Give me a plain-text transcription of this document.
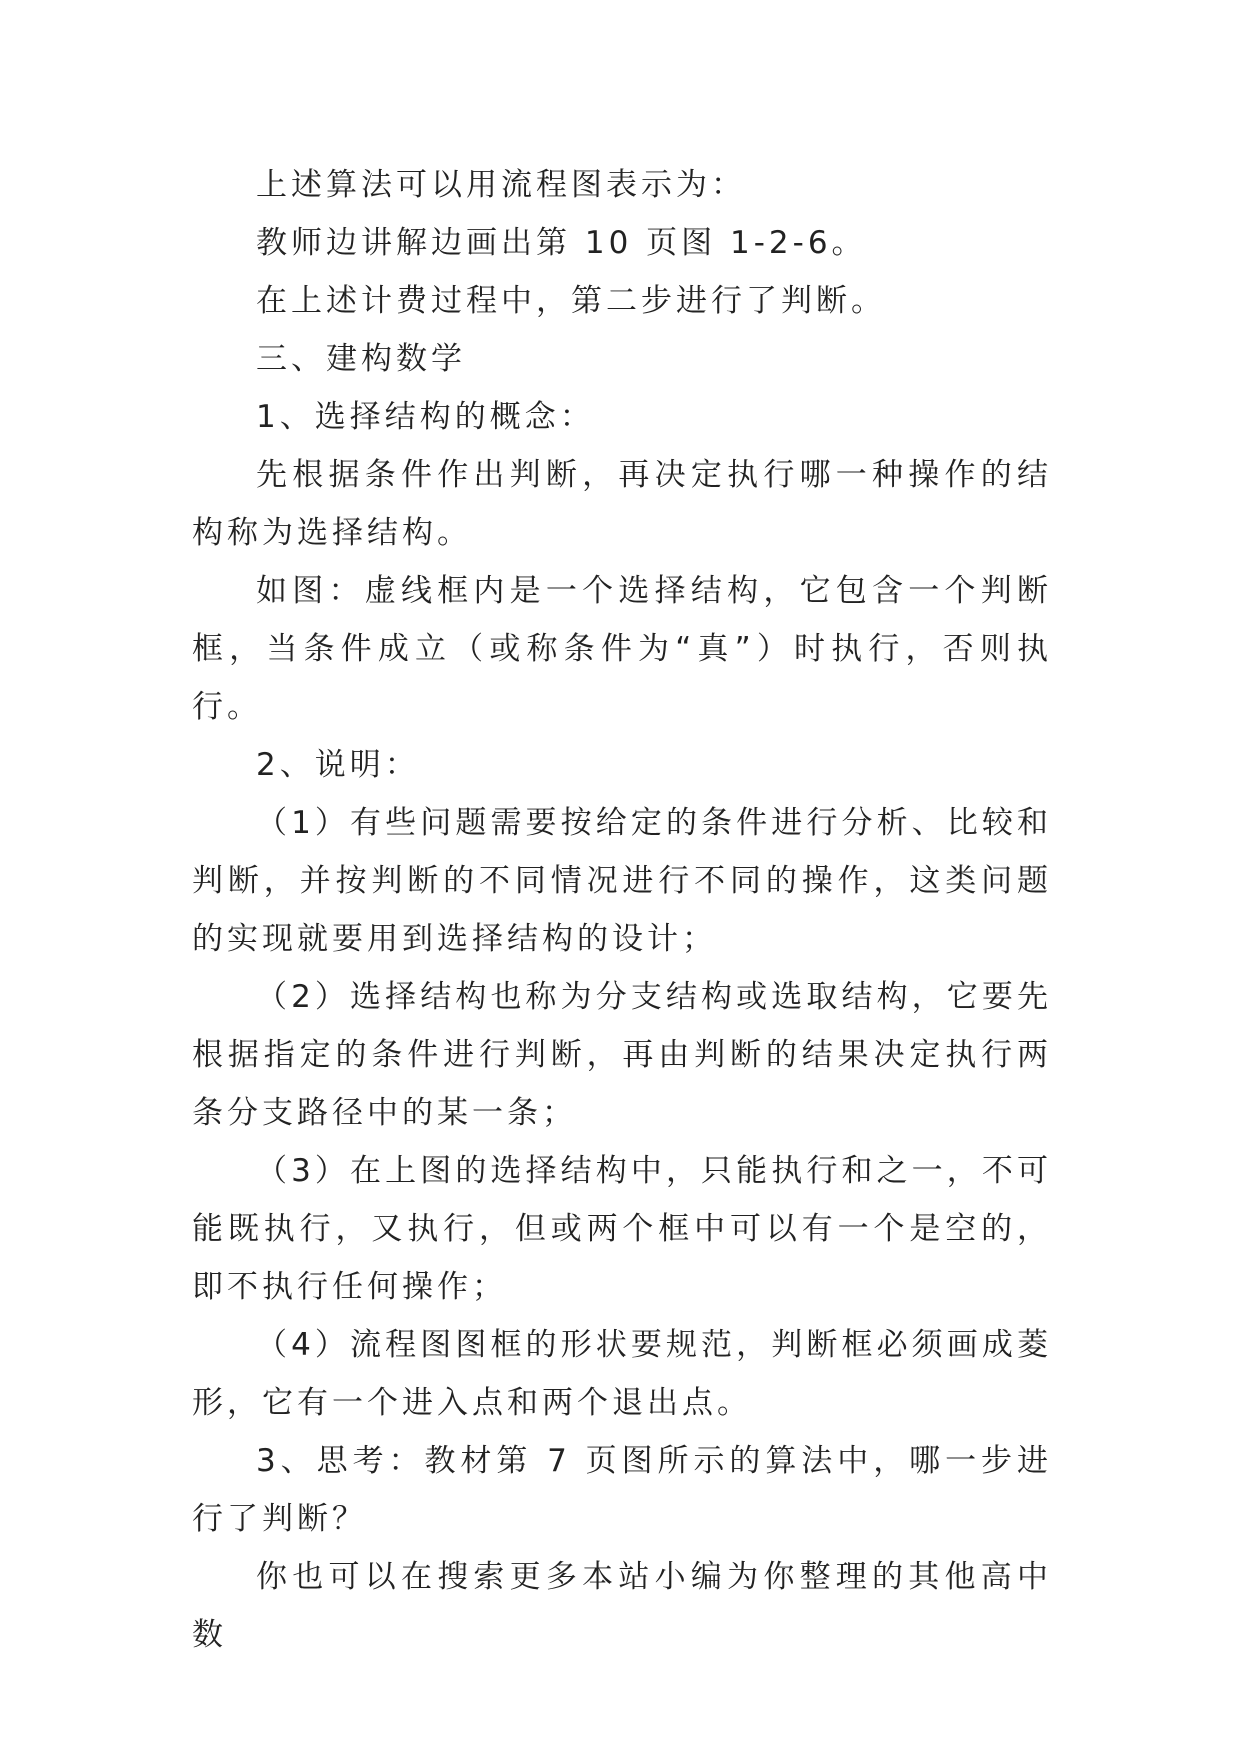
上述算法可以用流程图表示为：

教师边讲解边画出第 10 页图 1-2-6。

在上述计费过程中，第二步进行了判断。

三、建构数学

1、选择结构的概念：

先根据条件作出判断，再决定执行哪一种操作的结构称为选择结构。

如图：虚线框内是一个选择结构，它包含一个判断框，当条件成立（或称条件为“真”）时执行，否则执行。

2、说明：

（1）有些问题需要按给定的条件进行分析、比较和判断，并按判断的不同情况进行不同的操作，这类问题的实现就要用到选择结构的设计；

（2）选择结构也称为分支结构或选取结构，它要先根据指定的条件进行判断，再由判断的结果决定执行两条分支路径中的某一条；

（3）在上图的选择结构中，只能执行和之一，不可能既执行，又执行，但或两个框中可以有一个是空的，即不执行任何操作；

（4）流程图图框的形状要规范，判断框必须画成菱形，它有一个进入点和两个退出点。

3、思考：教材第 7 页图所示的算法中，哪一步进行了判断？

你也可以在搜索更多本站小编为你整理的其他高中数
